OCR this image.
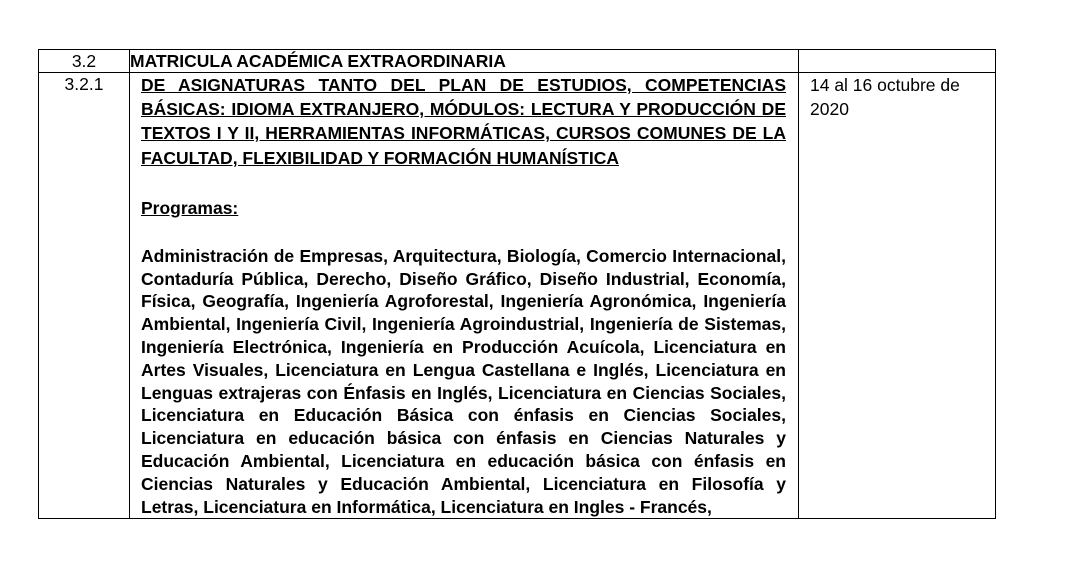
3.2	MATRICULA ACADÉMICA EXTRAORDINARIA	
3.2.1	DE ASIGNATURAS TANTO DEL PLAN DE ESTUDIOS, COMPETENCIAS BÁSICAS: IDIOMA EXTRANJERO, MÓDULOS: LECTURA Y PRODUCCIÓN DE TEXTOS I Y II, HERRAMIENTAS INFORMÁTICAS, CURSOS COMUNES DE LA FACULTAD, FLEXIBILIDAD Y FORMACIÓN HUMANÍSTICA

Programas:

Administración de Empresas, Arquitectura, Biología, Comercio Internacional, Contaduría Pública, Derecho, Diseño Gráfico, Diseño Industrial, Economía, Física, Geografía, Ingeniería Agroforestal, Ingeniería Agronómica, Ingeniería Ambiental, Ingeniería Civil, Ingeniería Agroindustrial, Ingeniería de Sistemas, Ingeniería Electrónica, Ingeniería en Producción Acuícola, Licenciatura en Artes Visuales, Licenciatura en Lengua Castellana e Inglés, Licenciatura en Lenguas extrajeras con Énfasis en Inglés, Licenciatura en Ciencias Sociales, Licenciatura en Educación Básica con énfasis en Ciencias Sociales, Licenciatura en educación básica con énfasis en Ciencias Naturales y Educación Ambiental, Licenciatura en educación básica con énfasis en Ciencias Naturales y Educación Ambiental, Licenciatura en Filosofía y Letras, Licenciatura en Informática, Licenciatura en Ingles - Francés,	14 al 16 octubre de 2020
